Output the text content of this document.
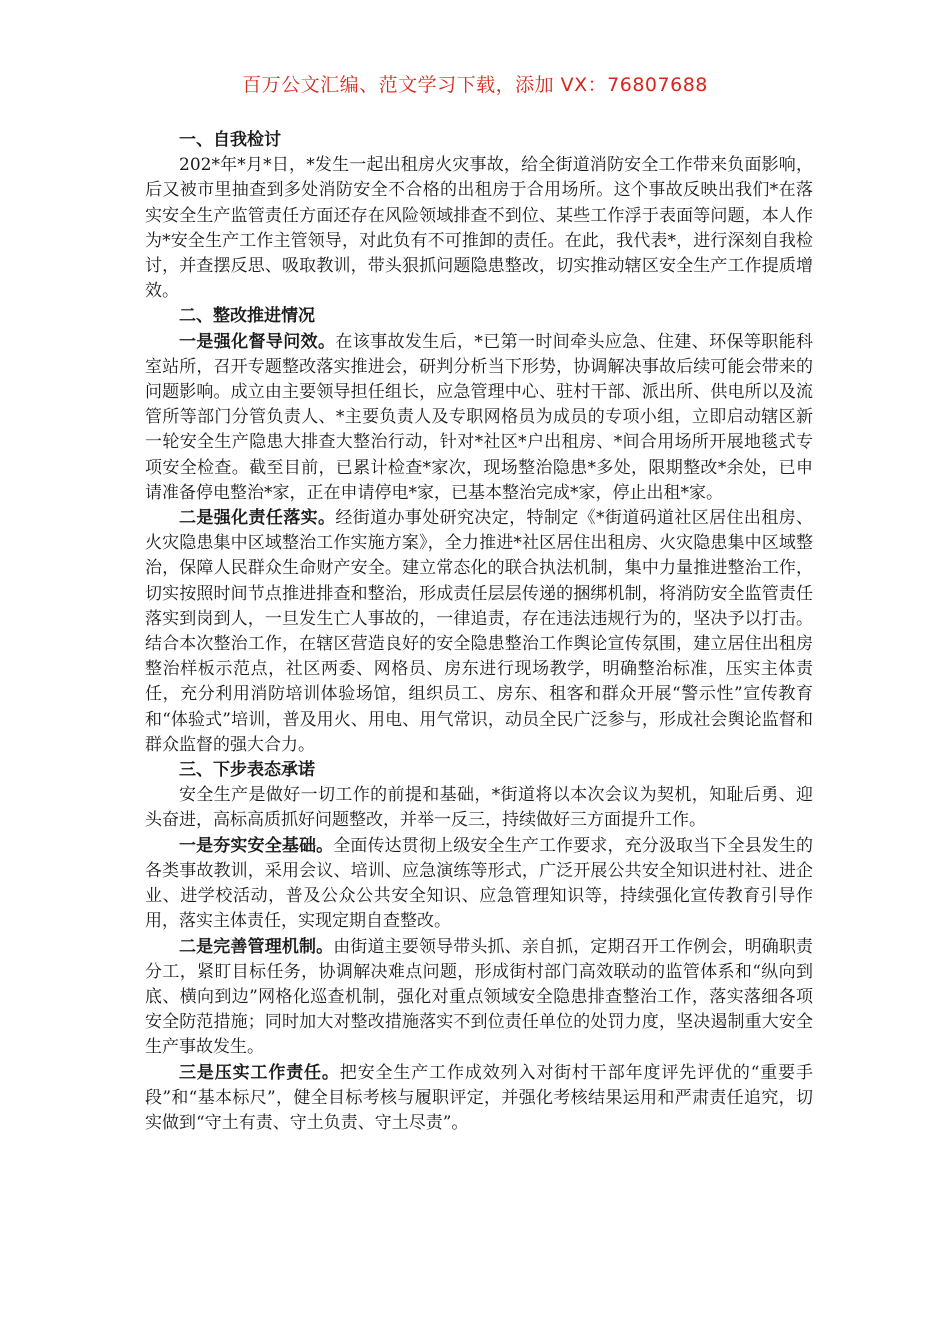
百万公文汇编、范文学习下载，添加 VX：76807688
一、自我检讨

202*年*月*日，*发生一起出租房火灾事故，给全街道消防安全工作带来负面影响，后又被市里抽查到多处消防安全不合格的出租房于合用场所。这个事故反映出我们*在落实安全生产监管责任方面还存在风险领域排查不到位、某些工作浮于表面等问题，本人作为*安全生产工作主管领导，对此负有不可推卸的责任。在此，我代表*，进行深刻自我检讨，并查摆反思、吸取教训，带头狠抓问题隐患整改，切实推动辖区安全生产工作提质增效。

二、整改推进情况

一是强化督导问效。在该事故发生后，*已第一时间牵头应急、住建、环保等职能科室站所，召开专题整改落实推进会，研判分析当下形势，协调解决事故后续可能会带来的问题影响。成立由主要领导担任组长，应急管理中心、驻村干部、派出所、供电所以及流管所等部门分管负责人、*主要负责人及专职网格员为成员的专项小组，立即启动辖区新一轮安全生产隐患大排查大整治行动，针对*社区*户出租房、*间合用场所开展地毯式专项安全检查。截至目前，已累计检查*家次，现场整治隐患*多处，限期整改*余处，已申请准备停电整治*家，正在申请停电*家，已基本整治完成*家，停止出租*家。

二是强化责任落实。经街道办事处研究决定，特制定《*街道码道社区居住出租房、火灾隐患集中区域整治工作实施方案》，全力推进*社区居住出租房、火灾隐患集中区域整治，保障人民群众生命财产安全。建立常态化的联合执法机制，集中力量推进整治工作，切实按照时间节点推进排查和整治，形成责任层层传递的捆绑机制，将消防安全监管责任落实到岗到人，一旦发生亡人事故的，一律追责，存在违法违规行为的，坚决予以打击。结合本次整治工作，在辖区营造良好的安全隐患整治工作舆论宣传氛围，建立居住出租房整治样板示范点，社区两委、网格员、房东进行现场教学，明确整治标准，压实主体责任，充分利用消防培训体验场馆，组织员工、房东、租客和群众开展“警示性”宣传教育和“体验式”培训，普及用火、用电、用气常识，动员全民广泛参与，形成社会舆论监督和群众监督的强大合力。

三、下步表态承诺

安全生产是做好一切工作的前提和基础，*街道将以本次会议为契机，知耻后勇、迎头奋进，高标高质抓好问题整改，并举一反三，持续做好三方面提升工作。

一是夯实安全基础。全面传达贯彻上级安全生产工作要求，充分汲取当下全县发生的各类事故教训，采用会议、培训、应急演练等形式，广泛开展公共安全知识进村社、进企业、进学校活动，普及公众公共安全知识、应急管理知识等，持续强化宣传教育引导作用，落实主体责任，实现定期自查整改。

二是完善管理机制。由街道主要领导带头抓、亲自抓，定期召开工作例会，明确职责分工，紧盯目标任务，协调解决难点问题，形成街村部门高效联动的监管体系和“纵向到底、横向到边”网格化巡查机制，强化对重点领域安全隐患排查整治工作，落实落细各项安全防范措施；同时加大对整改措施落实不到位责任单位的处罚力度，坚决遏制重大安全生产事故发生。

三是压实工作责任。把安全生产工作成效列入对街村干部年度评先评优的“重要手段”和“基本标尺”，健全目标考核与履职评定，并强化考核结果运用和严肃责任追究，切实做到“守土有责、守土负责、守土尽责”。
